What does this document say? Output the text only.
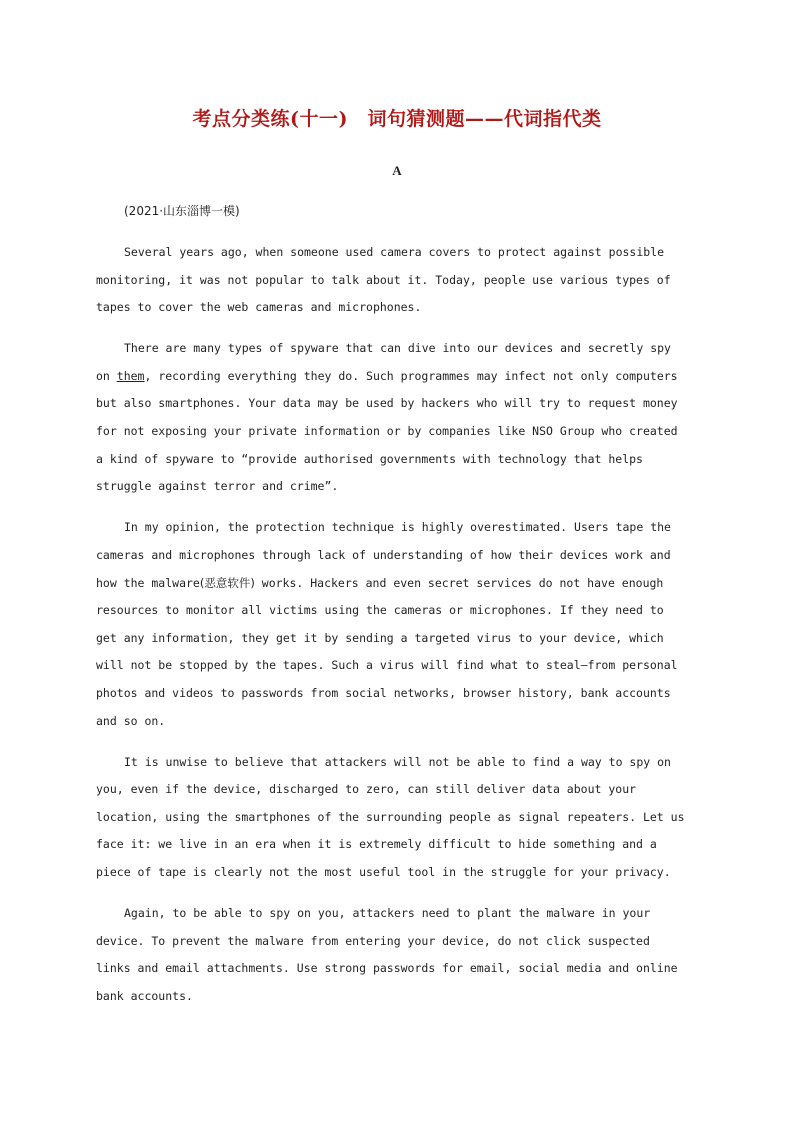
考点分类练(十一)　词句猜测题——代词指代类
A
(2021·山东淄博一模)
Several years ago, when someone used camera covers to protect against possible
monitoring, it was not popular to talk about it. Today, people use various types of
tapes to cover the web cameras and microphones.
There are many types of spyware that can dive into our devices and secretly spy
on them, recording everything they do. Such programmes may infect not only computers
but also smartphones. Your data may be used by hackers who will try to request money
for not exposing your private information or by companies like NSO Group who created
a kind of spyware to “provide authorised governments with technology that helps
struggle against terror and crime”.
In my opinion, the protection technique is highly overestimated. Users tape the
cameras and microphones through lack of understanding of how their devices work and
how the malware(恶意软件) works. Hackers and even secret services do not have enough
resources to monitor all victims using the cameras or microphones. If they need to
get any information, they get it by sending a targeted virus to your device, which
will not be stopped by the tapes. Such a virus will find what to steal—from personal
photos and videos to passwords from social networks, browser history, bank accounts
and so on.
It is unwise to believe that attackers will not be able to find a way to spy on
you, even if the device, discharged to zero, can still deliver data about your
location, using the smartphones of the surrounding people as signal repeaters. Let us
face it: we live in an era when it is extremely difficult to hide something and a
piece of tape is clearly not the most useful tool in the struggle for your privacy.
Again, to be able to spy on you, attackers need to plant the malware in your
device. To prevent the malware from entering your device, do not click suspected
links and email attachments. Use strong passwords for email, social media and online
bank accounts.
